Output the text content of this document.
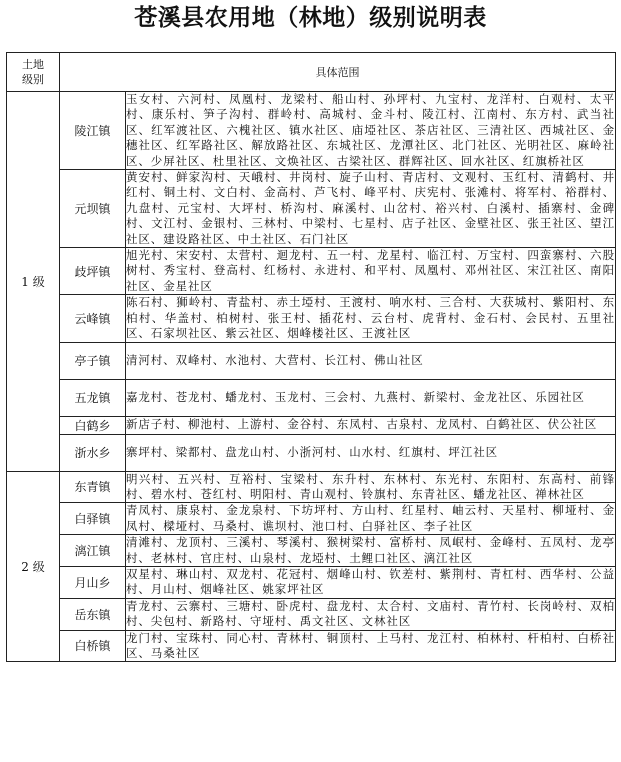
苍溪县农用地（林地）级别说明表
土地
级别	具体范围	
1 级	陵江镇	玉女村、六河村、凤凰村、龙梁村、船山村、孙坪村、九宝村、龙洋村、白观村、太平村、康乐村、笋子沟村、群岭村、高城村、金斗村、陵江村、江南村、东方村、武当社区、红军渡社区、六槐社区、镇水社区、庙埡社区、茶店社区、三清社区、西城社区、金穗社区、红军路社区、解放路社区、东城社区、龙潭社区、北门社区、光明社区、麻岭社区、少屏社区、杜里社区、文焕社区、古梁社区、群辉社区、回水社区、红旗桥社区
	元坝镇	黄安村、鲜家沟村、天峨村、井岗村、旋子山村、青店村、文观村、玉红村、清鹤村、井红村、铜土村、文白村、金高村、芦飞村、峰平村、庆宪村、张滩村、将军村、裕群村、九盘村、元宝村、大坪村、桥沟村、麻溪村、山岔村、裕兴村、白溪村、插寨村、金碑村、文江村、金银村、三林村、中梁村、七星村、店子社区、金壁社区、张王社区、望江社区、建设路社区、中土社区、石门社区
	歧坪镇	旭光村、宋安村、太营村、迴龙村、五一村、龙星村、临江村、万宝村、四蛮寨村、六股树村、秀宝村、登高村、红杨村、永进村、和平村、凤凰村、邓州社区、宋江社区、南阳社区、金星社区
	云峰镇	陈石村、狮岭村、青盐村、赤土埡村、王渡村、响水村、三合村、大获城村、紫阳村、东柏村、华盖村、柏树村、张王村、插花村、云台村、虎背村、金石村、会民村、五里社区、石家坝社区、紫云社区、烟峰楼社区、王渡社区
	亭子镇	清河村、双峰村、水池村、大营村、长江村、佛山社区
	五龙镇	嘉龙村、苍龙村、蟠龙村、玉龙村、三会村、九燕村、新梁村、金龙社区、乐园社区
	白鹤乡	新店子村、柳池村、上游村、金谷村、东凤村、古泉村、龙凤村、白鹤社区、伏公社区
	浙水乡	寨坪村、梁都村、盘龙山村、小浙河村、山水村、红旗村、坪江社区
2 级	东青镇	明兴村、五兴村、互裕村、宝梁村、东升村、东林村、东光村、东阳村、东高村、前锋村、碧水村、苍红村、明阳村、青山观村、铃旗村、东青社区、蟠龙社区、禅林社区
	白驿镇	青凤村、康泉村、金龙泉村、下坊坪村、方山村、红星村、岫云村、天星村、柳垭村、金凤村、樑垭村、马桑村、谯坝村、池口村、白驿社区、李子社区
	漓江镇	清滩村、龙顶村、三溪村、琴溪村、猴树梁村、富桥村、凤岷村、金峰村、五凤村、龙亭村、老林村、官庄村、山泉村、龙埡村、土鲤口社区、漓江社区
	月山乡	双星村、琳山村、双龙村、花冠村、烟峰山村、钦差村、紫荆村、青杠村、西华村、公益村、月山村、烟峰社区、姚家坪社区
	岳东镇	青龙村、云寨村、三塘村、卧虎村、盘龙村、太合村、文庙村、青竹村、长岗岭村、双柏村、尖包村、新路村、守垭村、禹文社区、文林社区
	白桥镇	龙门村、宝珠村、同心村、青林村、铜顶村、上马村、龙江村、柏林村、杆柏村、白桥社区、马桑社区
